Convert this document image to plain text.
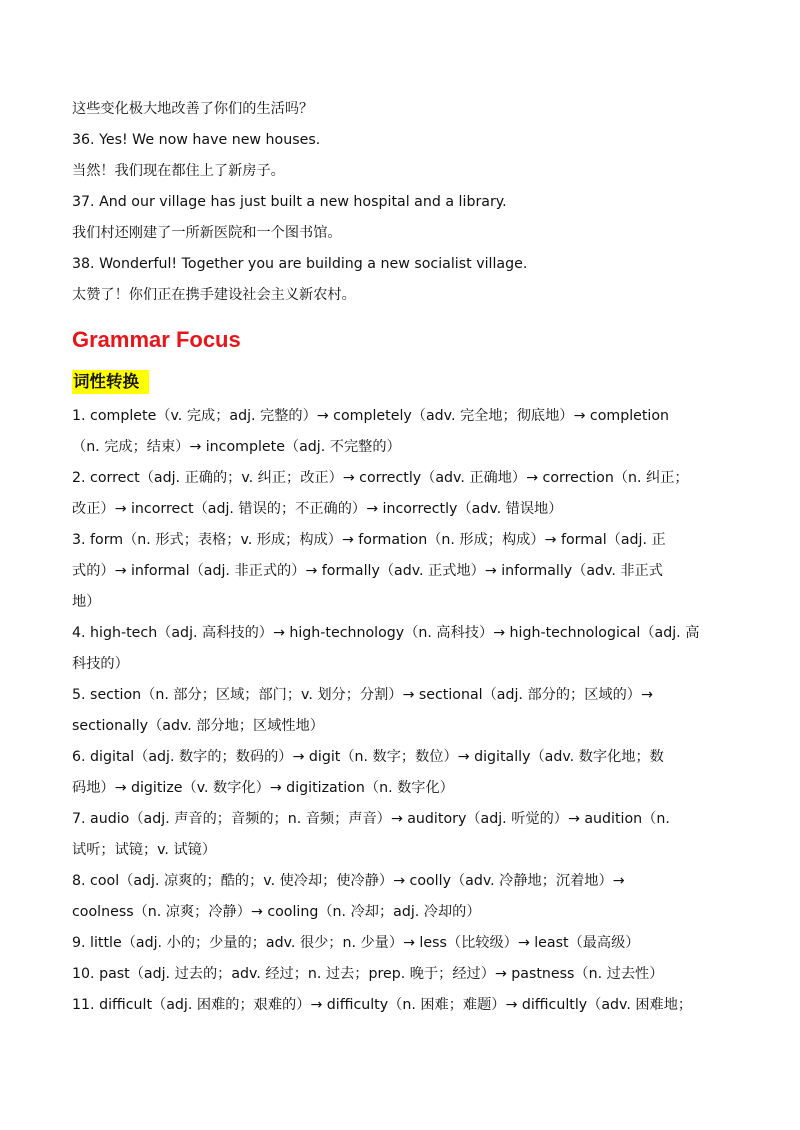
这些变化极大地改善了你们的生活吗？
36. Yes! We now have new houses.
当然！我们现在都住上了新房子。
37. And our village has just built a new hospital and a library.
我们村还刚建了一所新医院和一个图书馆。
38. Wonderful! Together you are building a new socialist village.
太赞了！你们正在携手建设社会主义新农村。
Grammar Focus
词性转换
1. complete（v. 完成；adj. 完整的）→ completely（adv. 完全地；彻底地）→ completion
（n. 完成；结束）→ incomplete（adj. 不完整的）
2. correct（adj. 正确的；v. 纠正；改正）→ correctly（adv. 正确地）→ correction（n. 纠正；
改正）→ incorrect（adj. 错误的；不正确的）→ incorrectly（adv. 错误地）
3. form（n. 形式；表格；v. 形成；构成）→ formation（n. 形成；构成）→ formal（adj. 正
式的）→ informal（adj. 非正式的）→ formally（adv. 正式地）→ informally（adv. 非正式
地）
4. high-tech（adj. 高科技的）→ high-technology（n. 高科技）→ high-technological（adj. 高
科技的）
5. section（n. 部分；区域；部门；v. 划分；分割）→ sectional（adj. 部分的；区域的）→
sectionally（adv. 部分地；区域性地）
6. digital（adj. 数字的；数码的）→ digit（n. 数字；数位）→ digitally（adv. 数字化地；数
码地）→ digitize（v. 数字化）→ digitization（n. 数字化）
7. audio（adj. 声音的；音频的；n. 音频；声音）→ auditory（adj. 听觉的）→ audition（n.
试听；试镜；v. 试镜）
8. cool（adj. 凉爽的；酷的；v. 使冷却；使冷静）→ coolly（adv. 冷静地；沉着地）→
coolness（n. 凉爽；冷静）→ cooling（n. 冷却；adj. 冷却的）
9. little（adj. 小的；少量的；adv. 很少；n. 少量）→ less（比较级）→ least（最高级）
10. past（adj. 过去的；adv. 经过；n. 过去；prep. 晚于；经过）→ pastness（n. 过去性）
11. difficult（adj. 困难的；艰难的）→ difficulty（n. 困难；难题）→ difficultly（adv. 困难地；
